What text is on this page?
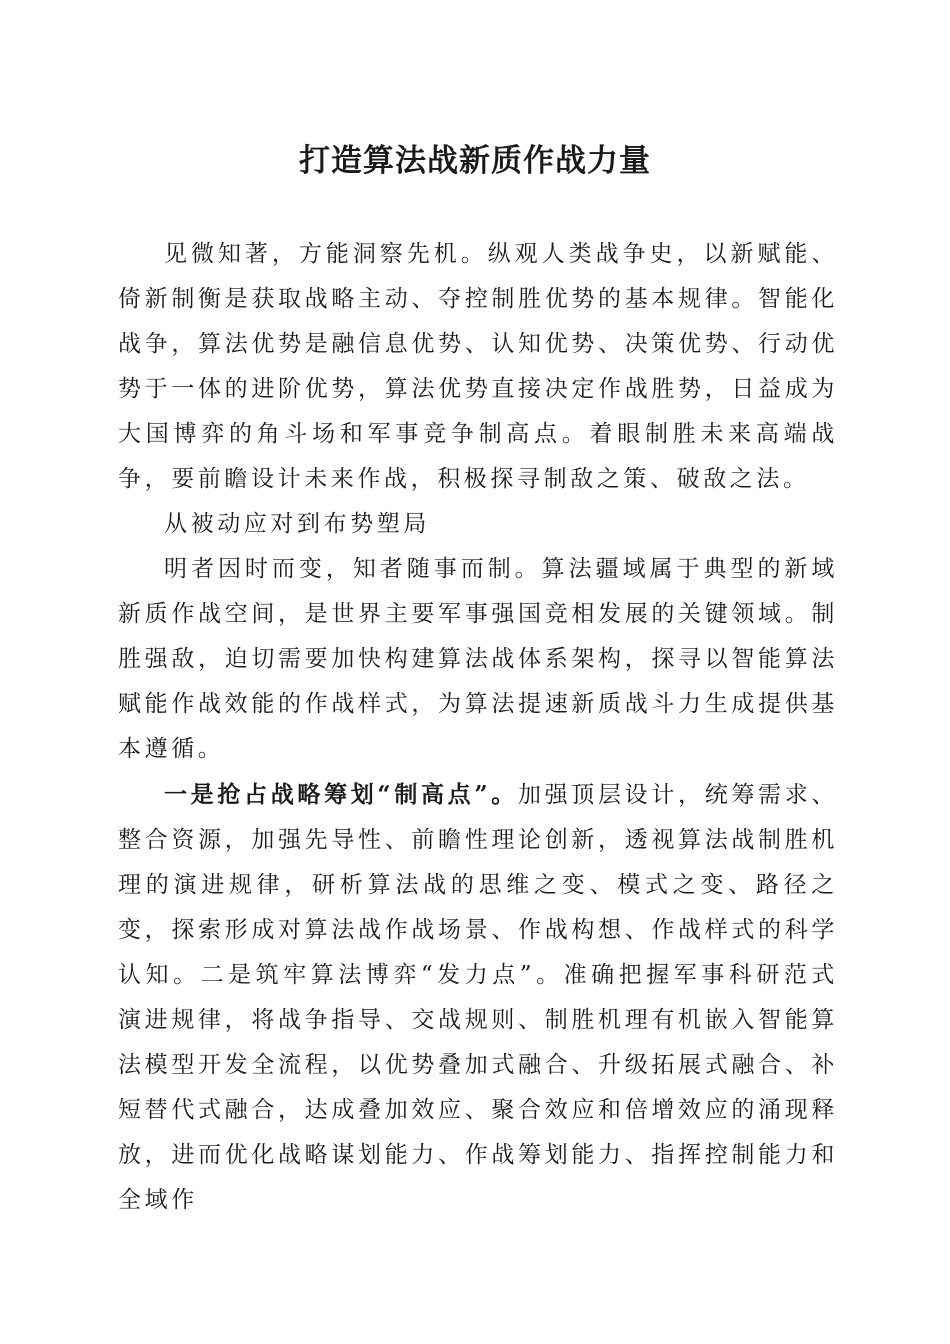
打造算法战新质作战力量

见微知著，方能洞察先机。纵观人类战争史，以新赋能、倚新制衡是获取战略主动、夺控制胜优势的基本规律。智能化战争，算法优势是融信息优势、认知优势、决策优势、行动优势于一体的进阶优势，算法优势直接决定作战胜势，日益成为大国博弈的角斗场和军事竞争制高点。着眼制胜未来高端战争，要前瞻设计未来作战，积极探寻制敌之策、破敌之法。

从被动应对到布势塑局

明者因时而变，知者随事而制。算法疆域属于典型的新域新质作战空间，是世界主要军事强国竞相发展的关键领域。制胜强敌，迫切需要加快构建算法战体系架构，探寻以智能算法赋能作战效能的作战样式，为算法提速新质战斗力生成提供基本遵循。

一是抢占战略筹划“制高点”。加强顶层设计，统筹需求、整合资源，加强先导性、前瞻性理论创新，透视算法战制胜机理的演进规律，研析算法战的思维之变、模式之变、路径之变，探索形成对算法战作战场景、作战构想、作战样式的科学认知。二是筑牢算法博弈“发力点”。准确把握军事科研范式演进规律，将战争指导、交战规则、制胜机理有机嵌入智能算法模型开发全流程，以优势叠加式融合、升级拓展式融合、补短替代式融合，达成叠加效应、聚合效应和倍增效应的涌现释放，进而优化战略谋划能力、作战筹划能力、指挥控制能力和全域作
